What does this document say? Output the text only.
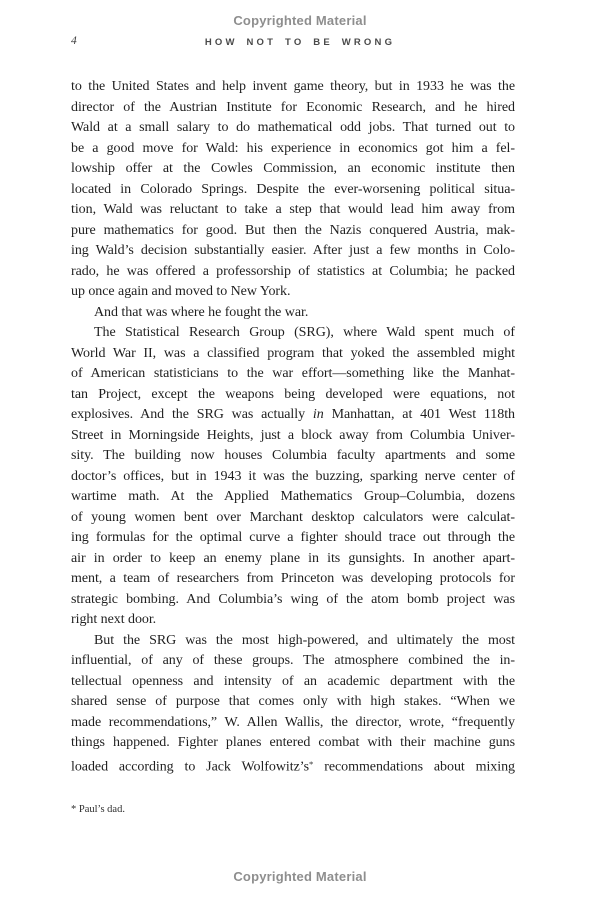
Copyrighted Material
4	HOW NOT TO BE WRONG
to the United States and help invent game theory, but in 1933 he was the
director of the Austrian Institute for Economic Research, and he hired
Wald at a small salary to do mathematical odd jobs. That turned out to
be a good move for Wald: his experience in economics got him a fel-
lowship offer at the Cowles Commission, an economic institute then
located in Colorado Springs. Despite the ever-worsening political situa-
tion, Wald was reluctant to take a step that would lead him away from
pure mathematics for good. But then the Nazis conquered Austria, mak-
ing Wald’s decision substantially easier. After just a few months in Colo-
rado, he was offered a professorship of statistics at Columbia; he packed
up once again and moved to New York.
And that was where he fought the war.
The Statistical Research Group (SRG), where Wald spent much of
World War II, was a classified program that yoked the assembled might
of American statisticians to the war effort—something like the Manhat-
tan Project, except the weapons being developed were equations, not
explosives. And the SRG was actually in Manhattan, at 401 West 118th
Street in Morningside Heights, just a block away from Columbia Univer-
sity. The building now houses Columbia faculty apartments and some
doctor’s offices, but in 1943 it was the buzzing, sparking nerve center of
wartime math. At the Applied Mathematics Group–Columbia, dozens
of young women bent over Marchant desktop calculators were calculat-
ing formulas for the optimal curve a fighter should trace out through the
air in order to keep an enemy plane in its gunsights. In another apart-
ment, a team of researchers from Princeton was developing protocols for
strategic bombing. And Columbia’s wing of the atom bomb project was
right next door.
But the SRG was the most high-powered, and ultimately the most
influential, of any of these groups. The atmosphere combined the in-
tellectual openness and intensity of an academic department with the
shared sense of purpose that comes only with high stakes. “When we
made recommendations,” W. Allen Wallis, the director, wrote, “frequently
things happened. Fighter planes entered combat with their machine guns
loaded according to Jack Wolfowitz’s* recommendations about mixing
* Paul’s dad.
Copyrighted Material
